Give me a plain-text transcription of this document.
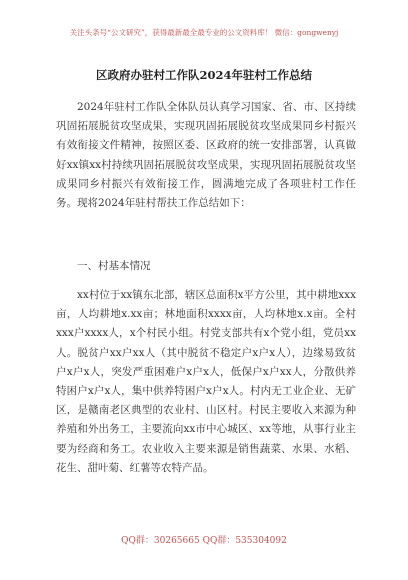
关注头条号“公文研究”，获得最新最全最专业的公文资料库！ 微信：gongwenyj
区政府办驻村工作队2024年驻村工作总结

2024年驻村工作队全体队员认真学习国家、省、市、区持续巩固拓展脱贫攻坚成果，实现巩固拓展脱贫攻坚成果同乡村振兴有效衔接文件精神，按照区委、区政府的统一安排部署，认真做好xx镇xx村持续巩固拓展脱贫攻坚成果，实现巩固拓展脱贫攻坚成果同乡村振兴有效衔接工作，圆满地完成了各项驻村工作任务。现将2024年驻村帮扶工作总结如下：

一、村基本情况

xx村位于xx镇东北部，辖区总面积x平方公里，其中耕地xxx亩，人均耕地x.xx亩；林地面积xxxx亩，人均林地x.x亩。全村xxx户xxxx人，x个村民小组。村党支部共有x个党小组，党员xx人。脱贫户xx户xx人（其中脱贫不稳定户x户x人），边缘易致贫户x户x人，突发严重困难户x户x人，低保户x户xx人，分散供养特困户x户x人，集中供养特困户x户x人。村内无工业企业、无矿区，是赣南老区典型的农业村、山区村。村民主要收入来源为种养殖和外出务工，主要流向xx市中心城区、xx等地，从事行业主要为经商和务工。农业收入主要来源是销售蔬菜、水果、水稻、花生、甜叶菊、红薯等农特产品。

QQ群：30265665 QQ群：535304092
